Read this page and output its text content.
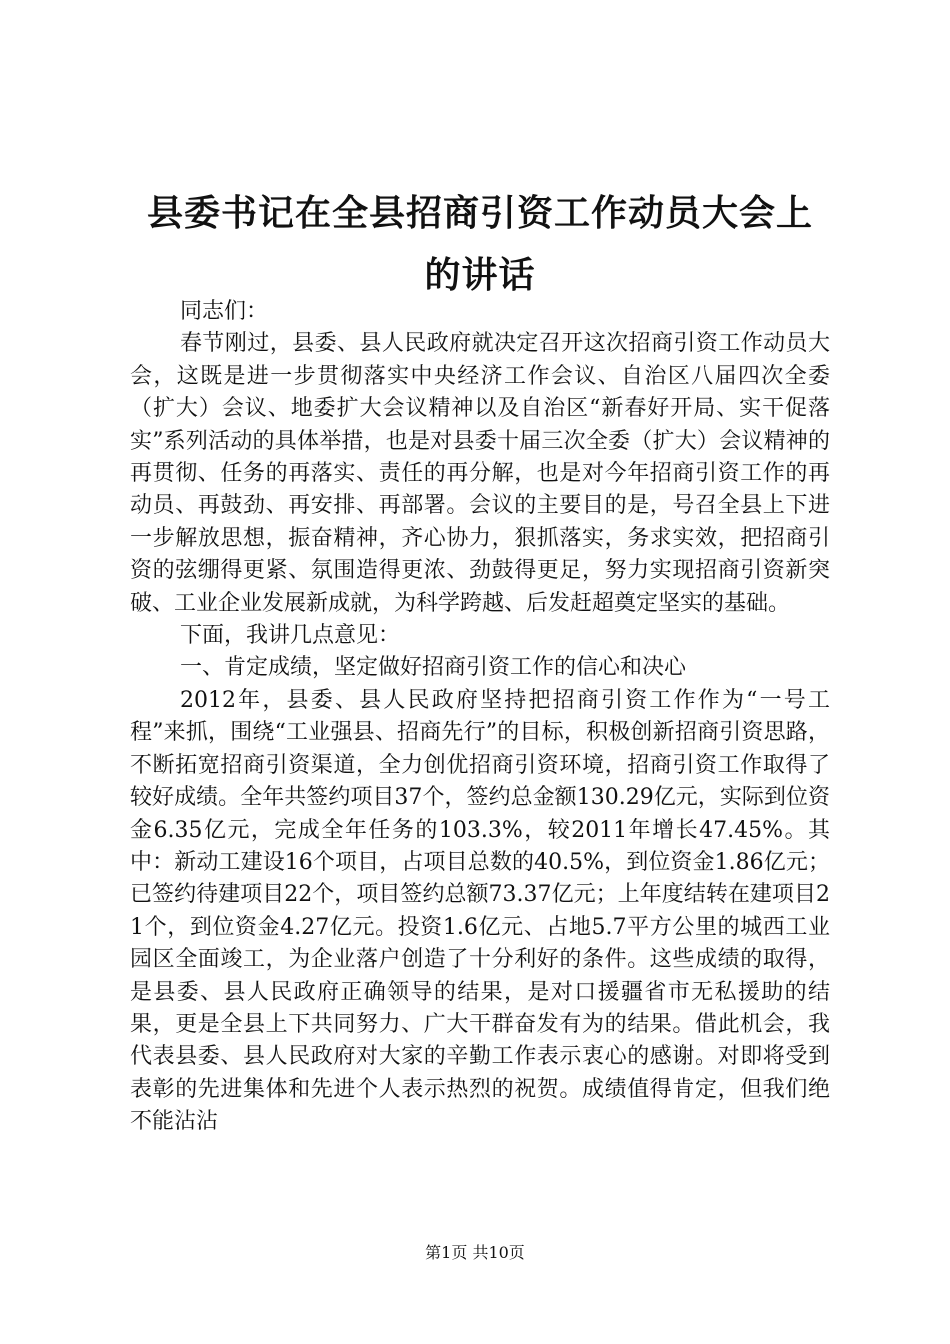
县委书记在全县招商引资工作动员大会上的讲话

同志们：

春节刚过，县委、县人民政府就决定召开这次招商引资工作动员大会，这既是进一步贯彻落实中央经济工作会议、自治区八届四次全委（扩大）会议、地委扩大会议精神以及自治区“新春好开局、实干促落实”系列活动的具体举措，也是对县委十届三次全委（扩大）会议精神的再贯彻、任务的再落实、责任的再分解，也是对今年招商引资工作的再动员、再鼓劲、再安排、再部署。会议的主要目的是，号召全县上下进一步解放思想，振奋精神，齐心协力，狠抓落实，务求实效，把招商引资的弦绷得更紧、氛围造得更浓、劲鼓得更足，努力实现招商引资新突破、工业企业发展新成就，为科学跨越、后发赶超奠定坚实的基础。

下面，我讲几点意见：

一、肯定成绩，坚定做好招商引资工作的信心和决心

2012年，县委、县人民政府坚持把招商引资工作作为“一号工程”来抓，围绕“工业强县、招商先行”的目标，积极创新招商引资思路，不断拓宽招商引资渠道，全力创优招商引资环境，招商引资工作取得了较好成绩。全年共签约项目37个，签约总金额130.29亿元，实际到位资金6.35亿元，完成全年任务的103.3%，较2011年增长47.45%。其中：新动工建设16个项目，占项目总数的40.5%，到位资金1.86亿元；已签约待建项目22个，项目签约总额73.37亿元；上年度结转在建项目21个，到位资金4.27亿元。投资1.6亿元、占地5.7平方公里的城西工业园区全面竣工，为企业落户创造了十分利好的条件。这些成绩的取得，是县委、县人民政府正确领导的结果，是对口援疆省市无私援助的结果，更是全县上下共同努力、广大干群奋发有为的结果。借此机会，我代表县委、县人民政府对大家的辛勤工作表示衷心的感谢。对即将受到表彰的先进集体和先进个人表示热烈的祝贺。成绩值得肯定，但我们绝不能沾沾

第1页 共10页
